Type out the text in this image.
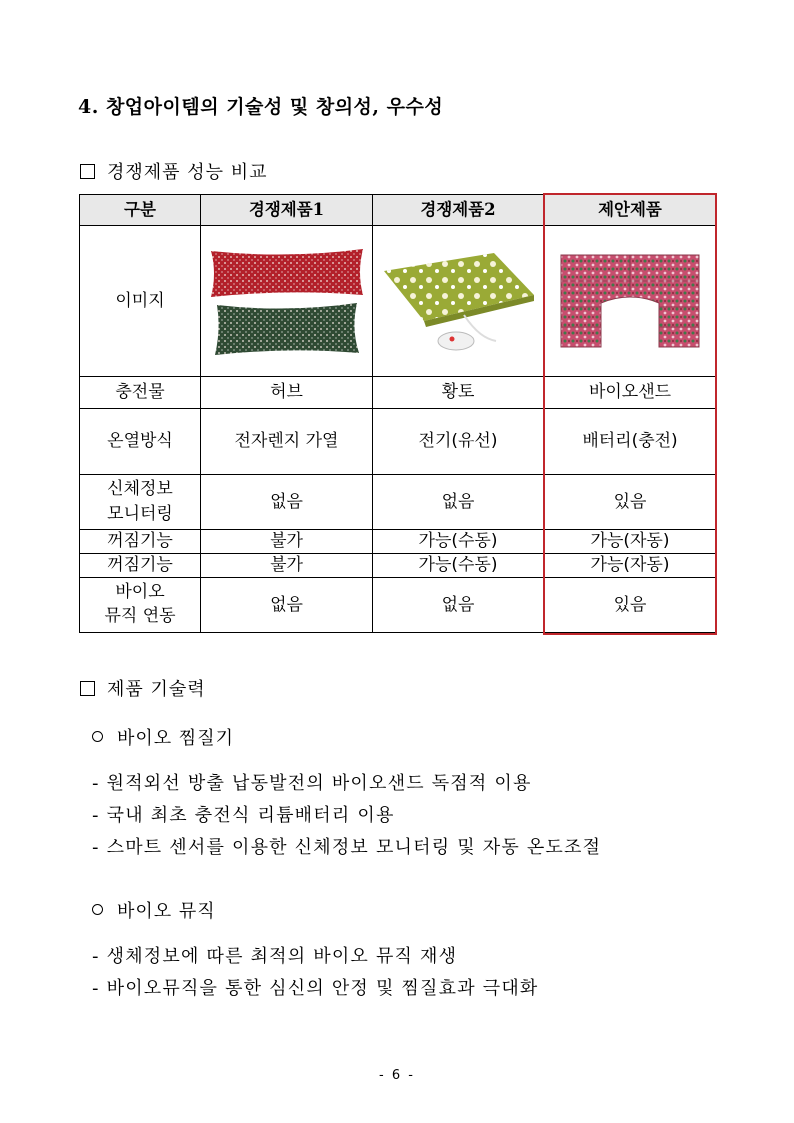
4. 창업아이템의 기술성 및 창의성, 우수성
경쟁제품 성능 비교
구분	경쟁제품1	경쟁제품2	제안제품
이미지	

충전물	허브	황토	바이오샌드
온열방식	전자렌지 가열	전기(유선)	배터리(충전)
신체정보
모니터링	없음	없음	있음
꺼짐기능	불가	가능(수동)	가능(자동)
꺼짐기능	불가	가능(수동)	가능(자동)
바이오
뮤직 연동	없음	없음	있음
제품 기술력
바이오 찜질기
- 원적외선 방출 납동발전의 바이오샌드 독점적 이용
- 국내 최초 충전식 리튬배터리 이용
- 스마트 센서를 이용한 신체정보 모니터링 및 자동 온도조절
바이오 뮤직
- 생체정보에 따른 최적의 바이오 뮤직 재생
- 바이오뮤직을 통한 심신의 안정 및 찜질효과 극대화
- 6 -
